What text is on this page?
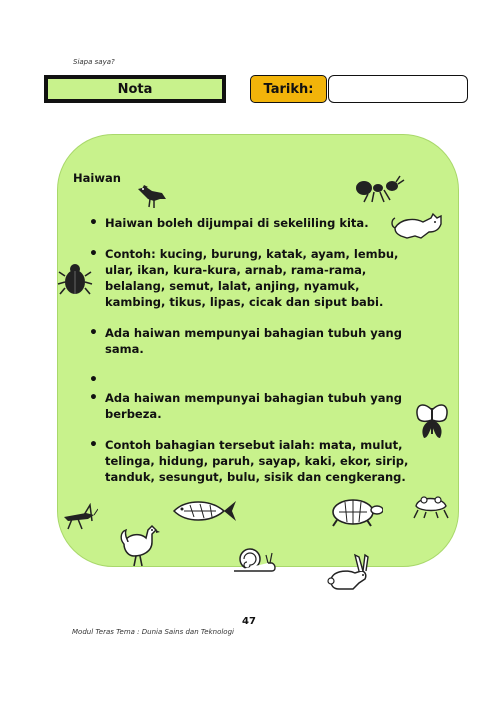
Siapa saya?
Nota	Tarikh:
Haiwan
• Haiwan boleh dijumpai di sekeliling kita.
• Contoh: kucing, burung, katak, ayam, lembu, ular, ikan, kura-kura, arnab, rama-rama, belalang, semut, lalat, anjing, nyamuk, kambing, tikus, lipas, cicak dan siput babi.
• Ada haiwan mempunyai bahagian tubuh yang sama.
•
• Ada haiwan mempunyai bahagian tubuh yang berbeza.
• Contoh bahagian tersebut ialah: mata, mulut, telinga, hidung, paruh, sayap, kaki, ekor, sirip, tanduk, sesungut, bulu, sisik dan cengkerang.
47
Modul Teras Tema : Dunia Sains dan Teknologi
